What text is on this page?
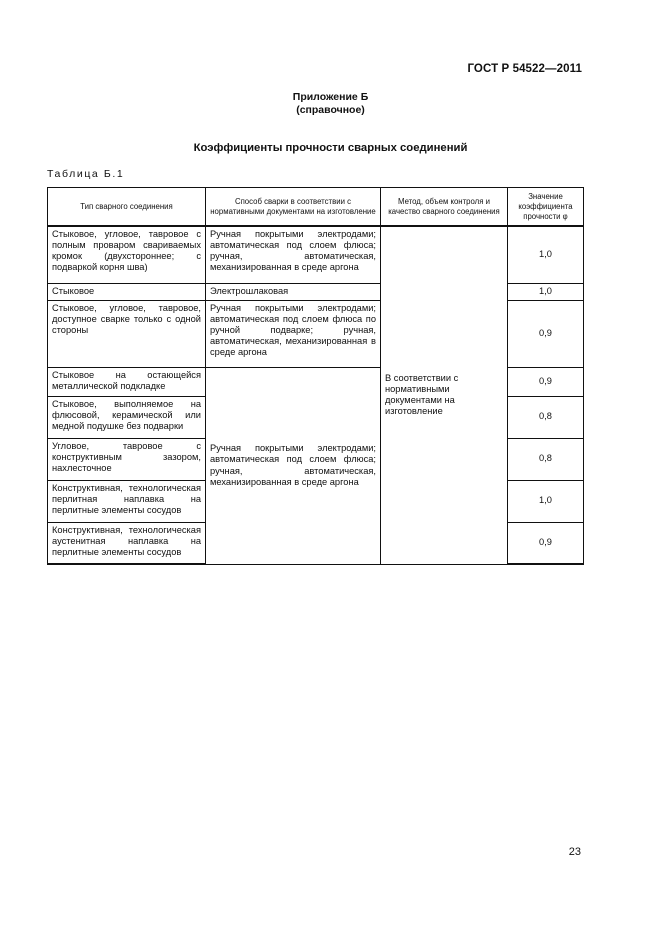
ГОСТ Р 54522—2011
Приложение Б
(справочное)
Коэффициенты прочности сварных соединений
Таблица Б.1
Тип сварного соединения	Способ сварки в соответствии с нормативными документами на изготовление	Метод, объем контроля и качество сварного соединения	Значение коэффициента прочности φ
Стыковое, угловое, тавровое с полным проваром свариваемых кромок (двухстороннее; с подваркой корня шва)	Ручная покрытыми электродами; автоматическая под слоем флюса; ручная, автоматическая, механизированная в среде аргона	В соответствии с нормативными документами на изготовление	1,0
Стыковое	Электрошлаковая		1,0
Стыковое, угловое, тавровое, доступное сварке только с одной стороны	Ручная покрытыми электродами; автоматическая под слоем флюса по ручной подварке; ручная, автоматическая, механизированная в среде аргона		0,9
Стыковое на остающейся металлической подкладке	Ручная покрытыми электродами; автоматическая под слоем флюса; ручная, автоматическая, механизированная в среде аргона		0,9
Стыковое, выполняемое на флюсовой, керамической или медной подушке без подварки			0,8
Угловое, тавровое с конструктивным зазором, нахлесточное			0,8
Конструктивная, технологическая перлитная наплавка на перлитные элементы сосудов			1,0
Конструктивная, технологическая аустенитная наплавка на перлитные элементы сосудов			0,9
23
